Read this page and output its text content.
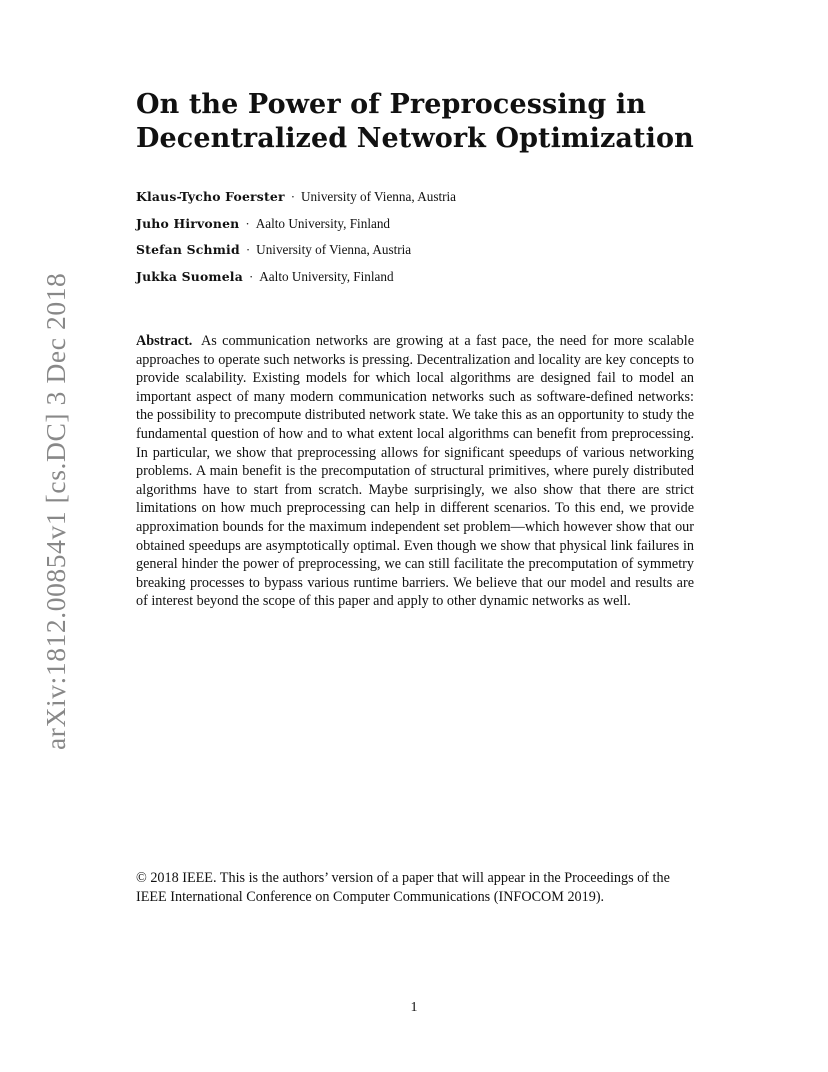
arXiv:1812.00854v1 [cs.DC] 3 Dec 2018
On the Power of Preprocessing in
Decentralized Network Optimization
Klaus-Tycho Foerster · University of Vienna, Austria
Juho Hirvonen · Aalto University, Finland
Stefan Schmid · University of Vienna, Austria
Jukka Suomela · Aalto University, Finland
Abstract. As communication networks are growing at a fast pace, the need for more scalable approaches to operate such networks is pressing. Decentralization and locality are key concepts to provide scalability. Existing models for which local algorithms are designed fail to model an important aspect of many modern communication networks such as software-defined networks: the possibility to precompute distributed network state. We take this as an opportunity to study the fundamental question of how and to what extent local algorithms can benefit from preprocessing. In particular, we show that preprocessing allows for significant speedups of various networking problems. A main benefit is the precomputation of structural primitives, where purely distributed algorithms have to start from scratch. Maybe surprisingly, we also show that there are strict limitations on how much preprocessing can help in different scenarios. To this end, we provide approximation bounds for the maximum independent set problem—which however show that our obtained speedups are asymptotically optimal. Even though we show that physical link failures in general hinder the power of preprocessing, we can still facilitate the precomputation of symmetry breaking processes to bypass various runtime barriers. We believe that our model and results are of interest beyond the scope of this paper and apply to other dynamic networks as well.
© 2018 IEEE. This is the authors’ version of a paper that will appear in the Proceedings of the IEEE International Conference on Computer Communications (INFOCOM 2019).
1
